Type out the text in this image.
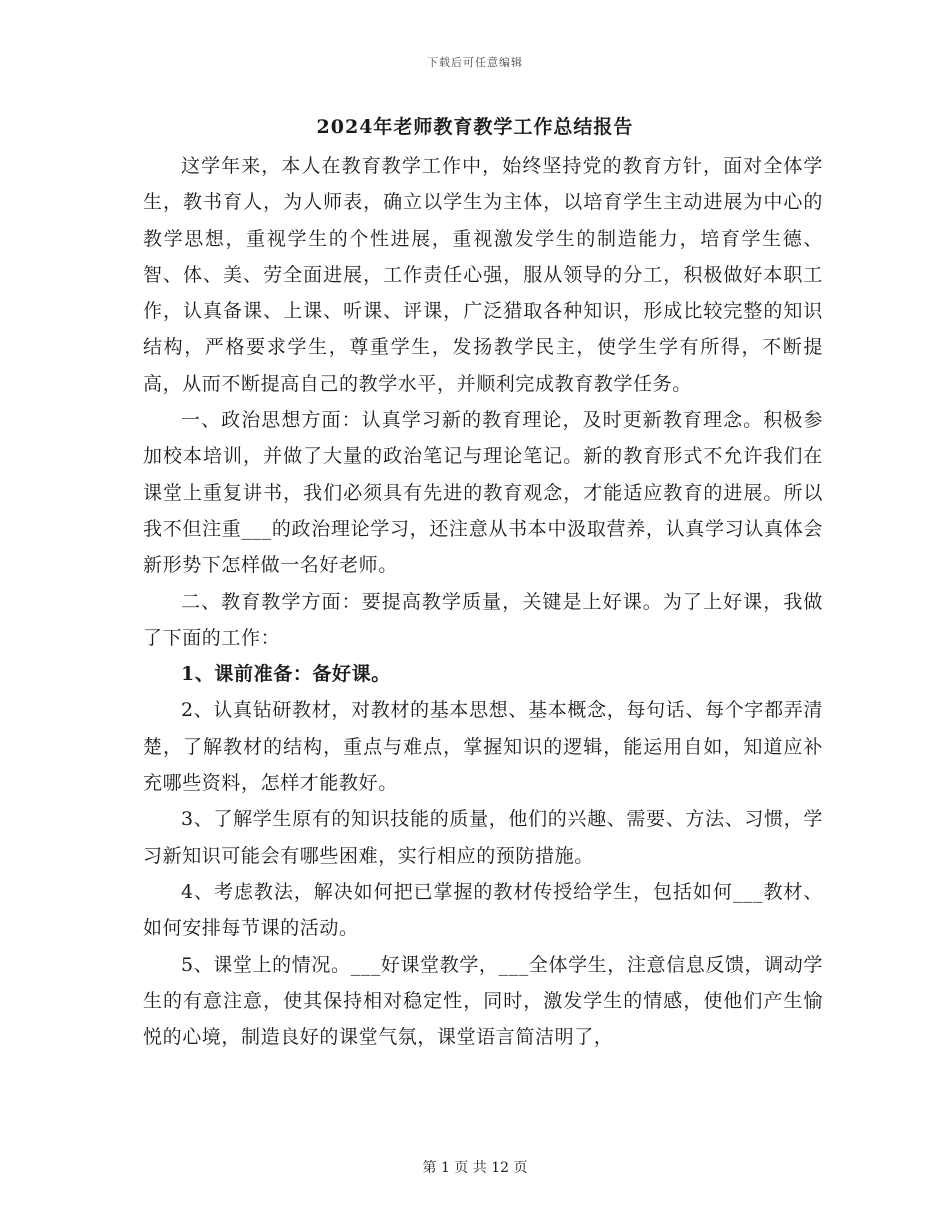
下载后可任意编辑
2024年老师教育教学工作总结报告

这学年来，本人在教育教学工作中，始终坚持党的教育方针，面对全体学生，教书育人，为人师表，确立以学生为主体，以培育学生主动进展为中心的教学思想，重视学生的个性进展，重视激发学生的制造能力，培育学生德、智、体、美、劳全面进展，工作责任心强，服从领导的分工，积极做好本职工作，认真备课、上课、听课、评课，广泛猎取各种知识，形成比较完整的知识结构，严格要求学生，尊重学生，发扬教学民主，使学生学有所得，不断提高，从而不断提高自己的教学水平，并顺利完成教育教学任务。

一、政治思想方面：认真学习新的教育理论，及时更新教育理念。积极参加校本培训，并做了大量的政治笔记与理论笔记。新的教育形式不允许我们在课堂上重复讲书，我们必须具有先进的教育观念，才能适应教育的进展。所以我不但注重___的政治理论学习，还注意从书本中汲取营养，认真学习认真体会新形势下怎样做一名好老师。

二、教育教学方面：要提高教学质量，关键是上好课。为了上好课，我做了下面的工作：

1、课前准备：备好课。

2、认真钻研教材，对教材的基本思想、基本概念，每句话、每个字都弄清楚，了解教材的结构，重点与难点，掌握知识的逻辑，能运用自如，知道应补充哪些资料，怎样才能教好。

3、了解学生原有的知识技能的质量，他们的兴趣、需要、方法、习惯，学习新知识可能会有哪些困难，实行相应的预防措施。

4、考虑教法，解决如何把已掌握的教材传授给学生，包括如何___教材、如何安排每节课的活动。

5、课堂上的情况。___好课堂教学，___全体学生，注意信息反馈，调动学生的有意注意，使其保持相对稳定性，同时，激发学生的情感，使他们产生愉悦的心境，制造良好的课堂气氛，课堂语言简洁明了，

第 1 页 共 12 页
